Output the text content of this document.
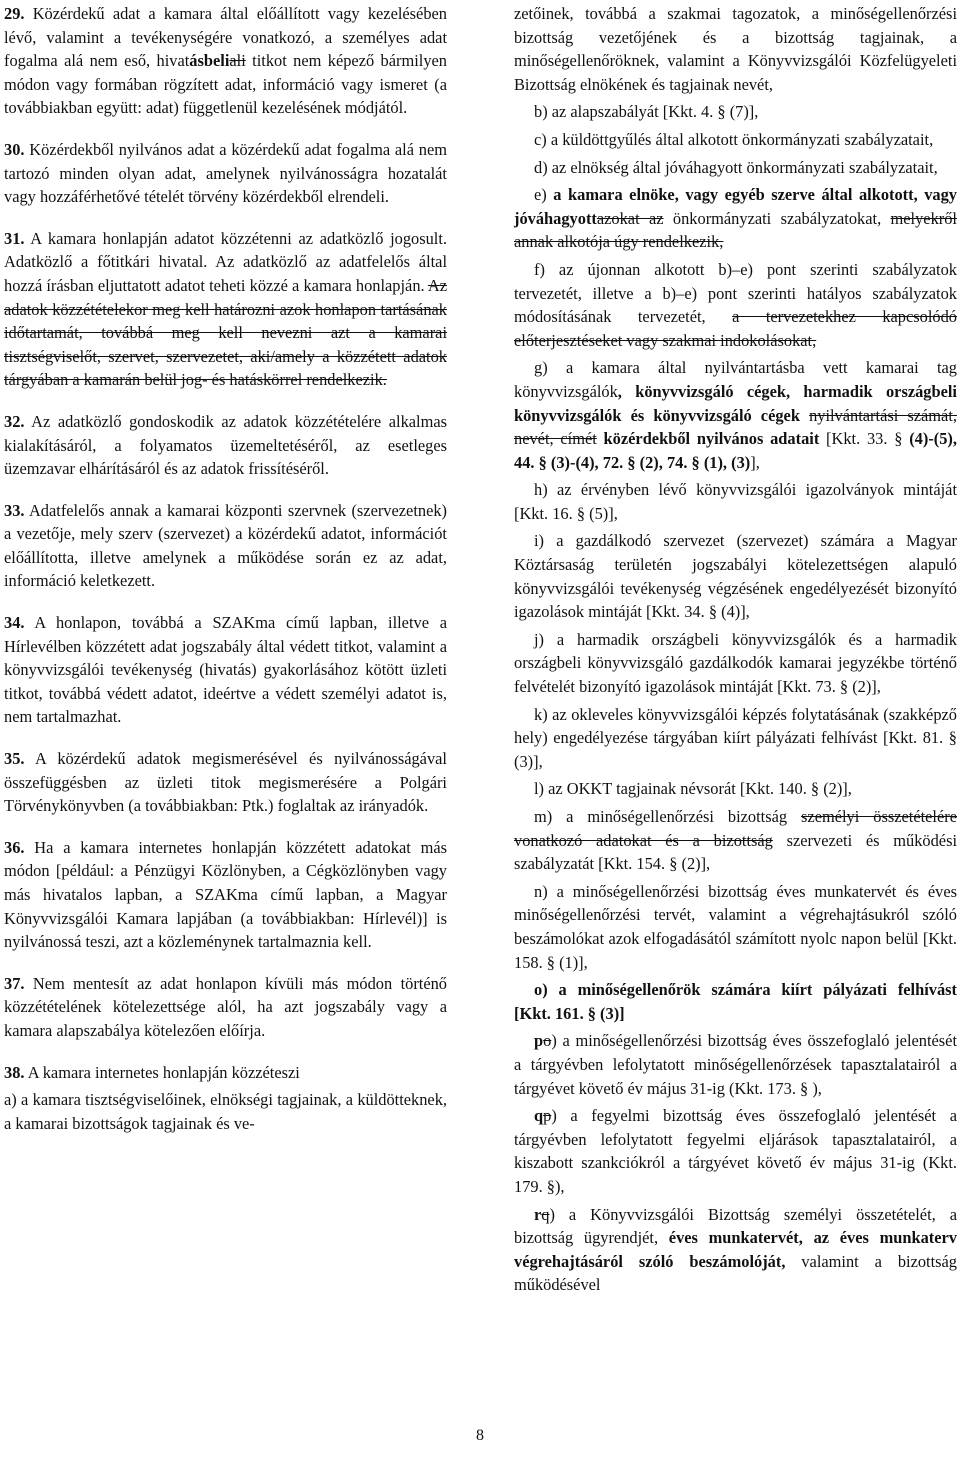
29. Közérdekű adat a kamara által előállított vagy kezelésében lévő, valamint a tevékenységére vonatkozó, a személyes adat fogalma alá nem eső, hivatásbeliali titkot nem képező bármilyen módon vagy formában rögzített adat, információ vagy ismeret (a továbbiakban együtt: adat) függetlenül kezelésének módjától.

30. Közérdekből nyilvános adat a közérdekű adat fogalma alá nem tartozó minden olyan adat, amelynek nyilvánosságra hozatalát vagy hozzáférhetővé tételét törvény közérdekből elrendeli.

31. A kamara honlapján adatot közzétenni az adatközlő jogosult. Adatközlő a főtitkári hivatal. Az adatközlő az adatfelelős által hozzá írásban eljuttatott adatot teheti közzé a kamara honlapján. Az adatok közzétételekor meg kell határozni azok honlapon tartásának időtartamát, továbbá meg kell nevezni azt a kamarai tisztségviselőt, szervet, szervezetet, aki/amely a közzétett adatok tárgyában a kamarán belül jog- és hatáskörrel rendelkezik.

32. Az adatközlő gondoskodik az adatok közzétételére alkalmas kialakításáról, a folyamatos üzemeltetéséről, az esetleges üzemzavar elhárításáról és az adatok frissítéséről.

33. Adatfelelős annak a kamarai központi szervnek (szervezetnek) a vezetője, mely szerv (szervezet) a közérdekű adatot, információt előállította, illetve amelynek a működése során ez az adat, információ keletkezett.

34. A honlapon, továbbá a SZAKma című lapban, illetve a Hírlevélben közzétett adat jogszabály által védett titkot, valamint a könyvvizsgálói tevékenység (hivatás) gyakorlásához kötött üzleti titkot, továbbá védett adatot, ideértve a védett személyi adatot is, nem tartalmazhat.

35. A közérdekű adatok megismerésével és nyilvánosságával összefüggésben az üzleti titok megismerésére a Polgári Törvénykönyvben (a továbbiakban: Ptk.) foglaltak az irányadók.

36. Ha a kamara internetes honlapján közzétett adatokat más módon [például: a Pénzügyi Közlönyben, a Cégközlönyben vagy más hivatalos lapban, a SZAKma című lapban, a Magyar Könyvvizsgálói Kamara lapjában (a továbbiakban: Hírlevél)] is nyilvánossá teszi, azt a közleménynek tartalmaznia kell.

37. Nem mentesít az adat honlapon kívüli más módon történő közzétételének kötelezettsége alól, ha azt jogszabály vagy a kamara alapszabálya kötelezően előírja.

38. A kamara internetes honlapján közzéteszi

a) a kamara tisztségviselőinek, elnökségi tagjainak, a küldötteknek, a kamarai bizottságok tagjainak és ve-

zetőinek, továbbá a szakmai tagozatok, a minőségellenőrzési bizottság vezetőjének és a bizottság tagjainak, a minőségellenőröknek, valamint a Könyvvizsgálói Közfelügyeleti Bizottság elnökének és tagjainak nevét,

b) az alapszabályát [Kkt. 4. § (7)],

c) a küldöttgyűlés által alkotott önkormányzati szabályzatait,

d) az elnökség által jóváhagyott önkormányzati szabályzatait,

e) a kamara elnöke, vagy egyéb szerve által alkotott, vagy jóváhagyottazokat az önkormányzati szabályzatokat, melyekről annak alkotója úgy rendelkezik,

f) az újonnan alkotott b)–e) pont szerinti szabályzatok tervezetét, illetve a b)–e) pont szerinti hatályos szabályzatok módosításának tervezetét, a tervezetekhez kapcsolódó előterjesztéseket vagy szakmai indokolásokat,

g) a kamara által nyilvántartásba vett kamarai tag könyvvizsgálók, könyvvizsgáló cégek, harmadik országbeli könyvvizsgálók és könyvvizsgáló cégek nyilvántartási számát, nevét, címét közérdekből nyilvános adatait [Kkt. 33. § (4)-(5), 44. § (3)-(4), 72. § (2), 74. § (1), (3)],

h) az érvényben lévő könyvvizsgálói igazolványok mintáját [Kkt. 16. § (5)],

i) a gazdálkodó szervezet (szervezet) számára a Magyar Köztársaság területén jogszabályi kötelezettségen alapuló könyvvizsgálói tevékenység végzésének engedélyezését bizonyító igazolások mintáját [Kkt. 34. § (4)],

j) a harmadik országbeli könyvvizsgálók és a harmadik országbeli könyvvizsgáló gazdálkodók kamarai jegyzékbe történő felvételét bizonyító igazolások mintáját [Kkt. 73. § (2)],

k) az okleveles könyvvizsgálói képzés folytatásának (szakképző hely) engedélyezése tárgyában kiírt pályázati felhívást [Kkt. 81. § (3)],

l) az OKKT tagjainak névsorát [Kkt. 140. § (2)],

m) a minőségellenőrzési bizottság személyi összetételére vonatkozó adatokat és a bizottság szervezeti és működési szabályzatát [Kkt. 154. § (2)],

n) a minőségellenőrzési bizottság éves munkatervét és éves minőségellenőrzési tervét, valamint a végrehajtásukról szóló beszámolókat azok elfogadásától számított nyolc napon belül [Kkt. 158. § (1)],

o) a minőségellenőrök számára kiírt pályázati felhívást [Kkt. 161. § (3)]

po) a minőségellenőrzési bizottság éves összefoglaló jelentését a tárgyévben lefolytatott minőségellenőrzések tapasztalatairól a tárgyévet követő év május 31-ig (Kkt. 173. § ),

qp) a fegyelmi bizottság éves összefoglaló jelentését a tárgyévben lefolytatott fegyelmi eljárások tapasztalatairól, a kiszabott szankciókról a tárgyévet követő év május 31-ig (Kkt. 179. §),

rq) a Könyvvizsgálói Bizottság személyi összetételét, a bizottság ügyrendjét, éves munkatervét, az éves munkaterv végrehajtásáról szóló beszámolóját, valamint a bizottság működésével

8
